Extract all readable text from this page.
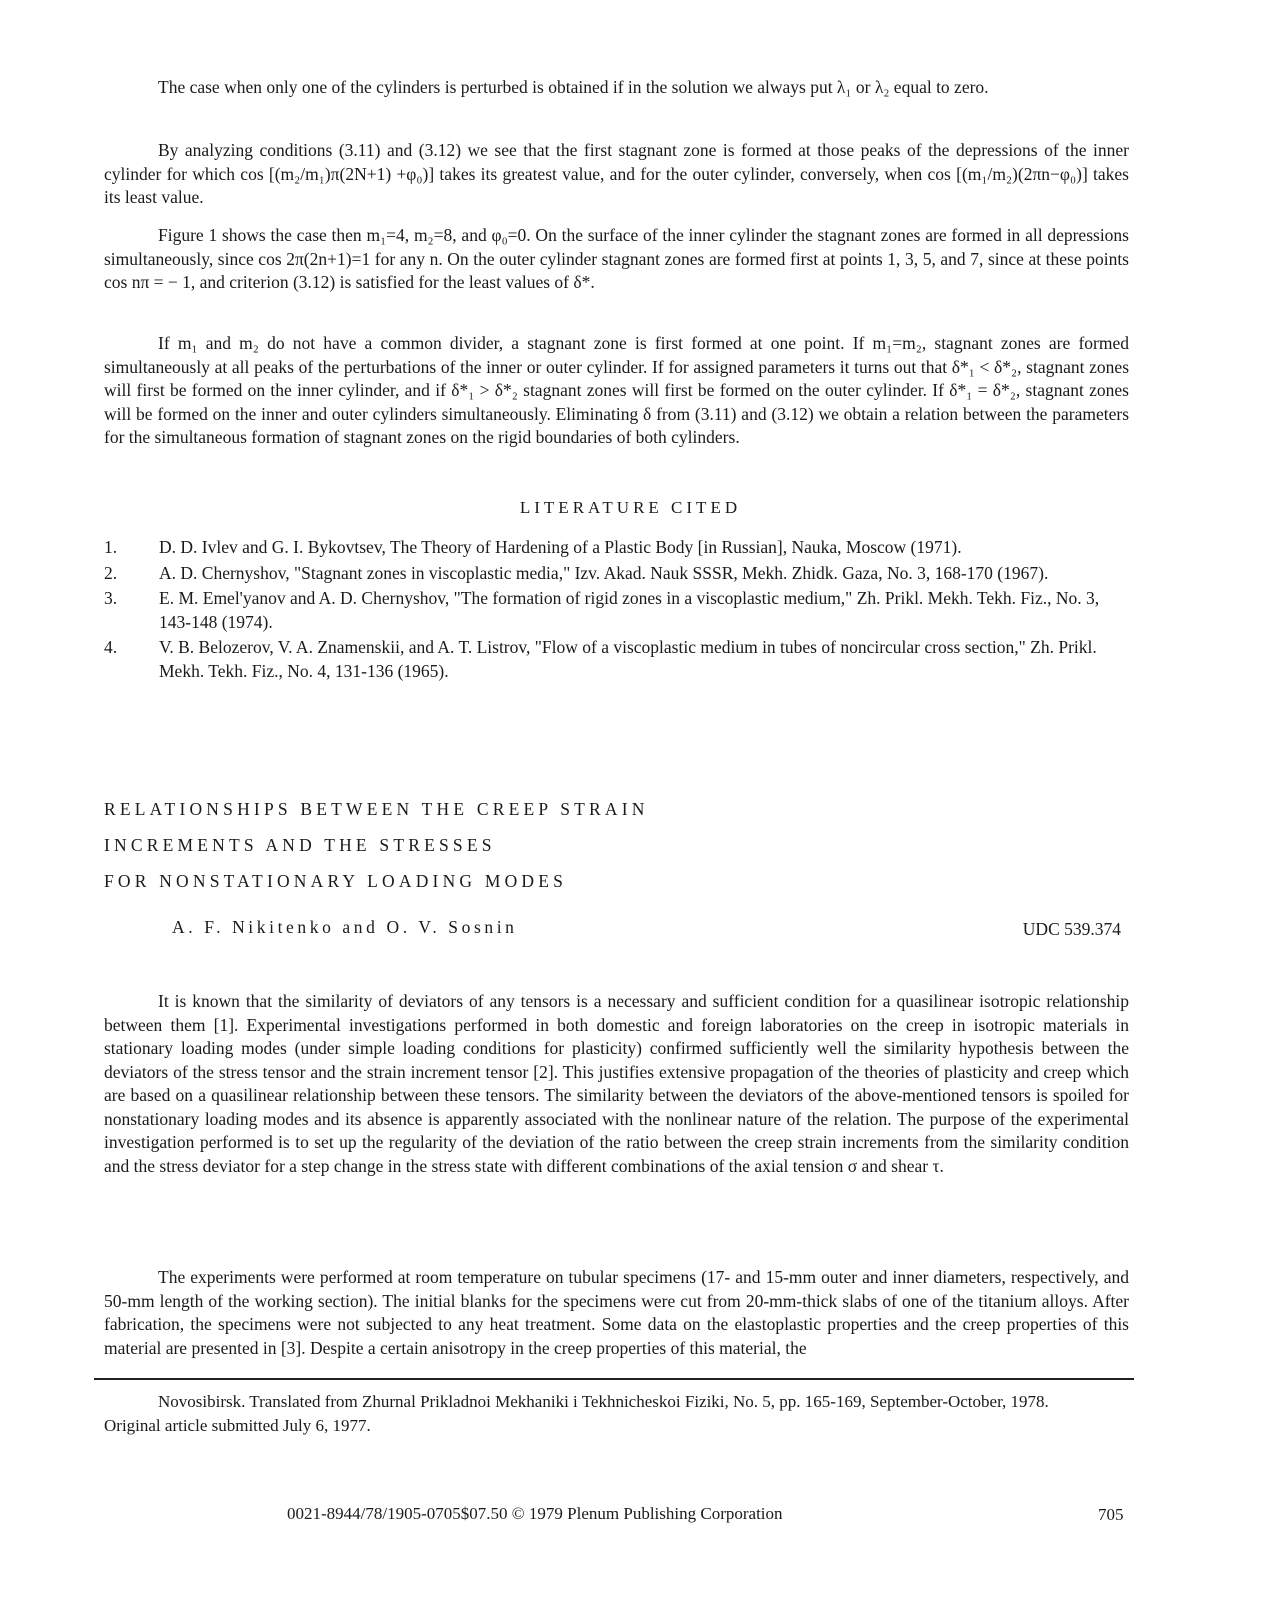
The case when only one of the cylinders is perturbed is obtained if in the solution we always put λ₁ or λ₂ equal to zero.

By analyzing conditions (3.11) and (3.12) we see that the first stagnant zone is formed at those peaks of the depressions of the inner cylinder for which cos [(m₂/m₁)π(2N+1) +φ₀)] takes its greatest value, and for the outer cylinder, conversely, when cos [(m₁/m₂)(2πn−φ₀)] takes its least value.

Figure 1 shows the case then m₁=4, m₂=8, and φ₀=0. On the surface of the inner cylinder the stagnant zones are formed in all depressions simultaneously, since cos 2π(2n+1)=1 for any n. On the outer cylinder stagnant zones are formed first at points 1, 3, 5, and 7, since at these points cos nπ = − 1, and criterion (3.12) is satisfied for the least values of δ*.

If m₁ and m₂ do not have a common divider, a stagnant zone is first formed at one point. If m₁=m₂, stagnant zones are formed simultaneously at all peaks of the perturbations of the inner or outer cylinder. If for assigned parameters it turns out that δ*₁ < δ*₂, stagnant zones will first be formed on the inner cylinder, and if δ*₁ > δ*₂ stagnant zones will first be formed on the outer cylinder. If δ*₁ = δ*₂, stagnant zones will be formed on the inner and outer cylinders simultaneously. Eliminating δ from (3.11) and (3.12) we obtain a relation between the parameters for the simultaneous formation of stagnant zones on the rigid boundaries of both cylinders.

LITERATURE CITED
1. D. D. Ivlev and G. I. Bykovtsev, The Theory of Hardening of a Plastic Body [in Russian], Nauka, Moscow (1971).
2. A. D. Chernyshov, "Stagnant zones in viscoplastic media," Izv. Akad. Nauk SSSR, Mekh. Zhidk. Gaza, No. 3, 168-170 (1967).
3. E. M. Emel'yanov and A. D. Chernyshov, "The formation of rigid zones in a viscoplastic medium," Zh. Prikl. Mekh. Tekh. Fiz., No. 3, 143-148 (1974).
4. V. B. Belozerov, V. A. Znamenskii, and A. T. Listrov, "Flow of a viscoplastic medium in tubes of noncircular cross section," Zh. Prikl. Mekh. Tekh. Fiz., No. 4, 131-136 (1965).

RELATIONSHIPS BETWEEN THE CREEP STRAIN

INCREMENTS AND THE STRESSES

FOR NONSTATIONARY LOADING MODES

A. F. Nikitenko and O. V. Sosnin	UDC 539.374

It is known that the similarity of deviators of any tensors is a necessary and sufficient condition for a quasilinear isotropic relationship between them [1]. Experimental investigations performed in both domestic and foreign laboratories on the creep in isotropic materials in stationary loading modes (under simple loading conditions for plasticity) confirmed sufficiently well the similarity hypothesis between the deviators of the stress tensor and the strain increment tensor [2]. This justifies extensive propagation of the theories of plasticity and creep which are based on a quasilinear relationship between these tensors. The similarity between the deviators of the above-mentioned tensors is spoiled for nonstationary loading modes and its absence is apparently associated with the nonlinear nature of the relation. The purpose of the experimental investigation performed is to set up the regularity of the deviation of the ratio between the creep strain increments from the similarity condition and the stress deviator for a step change in the stress state with different combinations of the axial tension σ and shear τ.

The experiments were performed at room temperature on tubular specimens (17- and 15-mm outer and inner diameters, respectively, and 50-mm length of the working section). The initial blanks for the specimens were cut from 20-mm-thick slabs of one of the titanium alloys. After fabrication, the specimens were not subjected to any heat treatment. Some data on the elastoplastic properties and the creep properties of this material are presented in [3]. Despite a certain anisotropy in the creep properties of this material, the

Novosibirsk. Translated from Zhurnal Prikladnoi Mekhaniki i Tekhnicheskoi Fiziki, No. 5, pp. 165-169, September-October, 1978. Original article submitted July 6, 1977.

0021-8944/78/1905-0705$07.50 © 1979 Plenum Publishing Corporation	705
